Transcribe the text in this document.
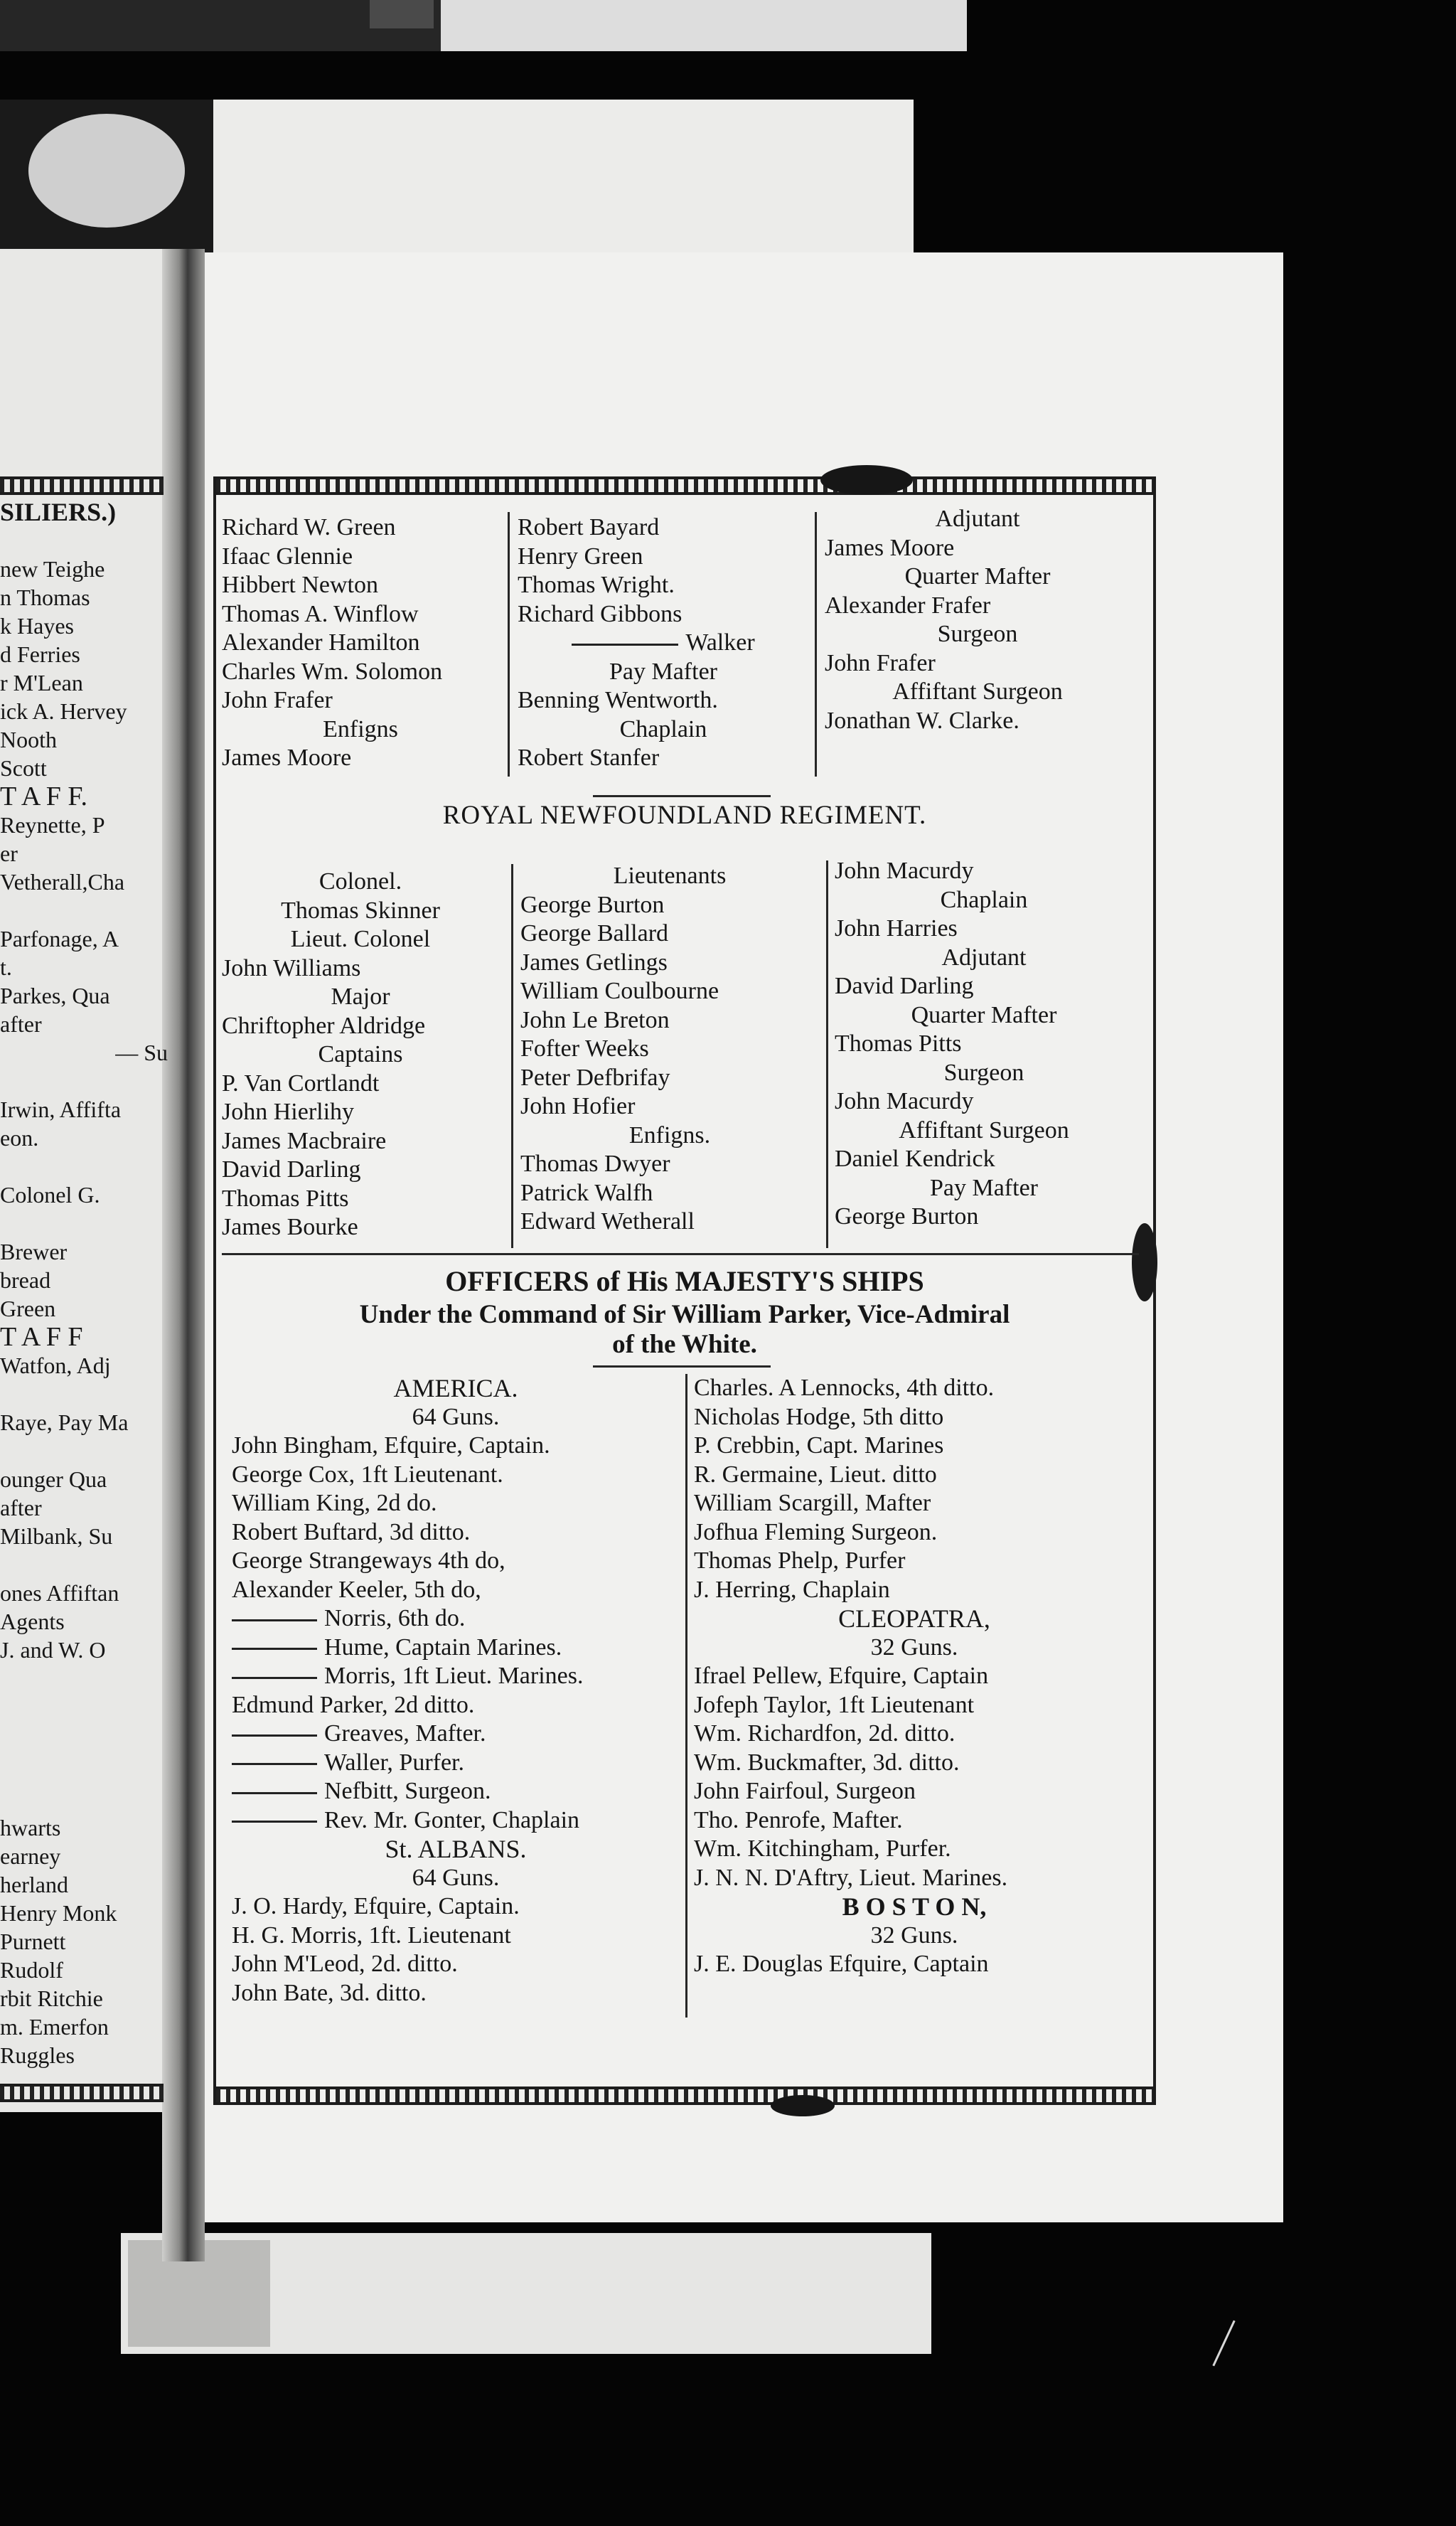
SILIERS.)
new Teighe
n Thomas
k Hayes
d Ferries
r M'Lean
ick A. Hervey
Nooth
Scott
T A F F.
Reynette, P
er
Vetherall,Cha
Parfonage, A
t.
Parkes, Qua
after
— Su
Irwin, Affifta
eon.
Colonel G.
Brewer
bread
Green
T A F F
Watfon, Adj
Raye, Pay Ma
ounger Qua
after
Milbank, Su
ones Affiftan
Agents
J. and W. O
hwarts
earney
herland
Henry Monk
Purnett
Rudolf
rbit Ritchie
m. Emerfon
Ruggles
Richard W. Green
Ifaac Glennie
Hibbert Newton
Thomas A. Winflow
Alexander Hamilton
Charles Wm. Solomon
John Frafer
Enfigns
James Moore
Robert Bayard
Henry Green
Thomas Wright.
Richard Gibbons
Walker
Pay Mafter
Benning Wentworth.
Chaplain
Robert Stanfer
Adjutant
James Moore
Quarter Mafter
Alexander Frafer
Surgeon
John Frafer
Affiftant Surgeon
Jonathan W. Clarke.
ROYAL NEWFOUNDLAND REGIMENT.
Colonel.
Thomas Skinner
Lieut. Colonel
John Williams
Major
Chriftopher Aldridge
Captains
P. Van Cortlandt
John Hierlihy
James Macbraire
David Darling
Thomas Pitts
James Bourke
Lieutenants
George Burton
George Ballard
James Getlings
William Coulbourne
John Le Breton
Fofter Weeks
Peter Defbrifay
John Hofier
Enfigns.
Thomas Dwyer
Patrick Walfh
Edward Wetherall
John Macurdy
Chaplain
John Harries
Adjutant
David Darling
Quarter Mafter
Thomas Pitts
Surgeon
John Macurdy
Affiftant Surgeon
Daniel Kendrick
Pay Mafter
George Burton
OFFICERS of His MAJESTY'S SHIPS
Under the Command of Sir William Parker, Vice-Admiral
of the White.
AMERICA.
64 Guns.
John Bingham, Efquire, Captain.
George Cox, 1ft Lieutenant.
William King, 2d do.
Robert Buftard, 3d ditto.
George Strangeways 4th do,
Alexander Keeler, 5th do,
Norris, 6th do.
Hume, Captain Marines.
Morris, 1ft Lieut. Marines.
Edmund Parker, 2d ditto.
Greaves, Mafter.
Waller, Purfer.
Nefbitt, Surgeon.
Rev. Mr. Gonter, Chaplain
St. ALBANS.
64 Guns.
J. O. Hardy, Efquire, Captain.
H. G. Morris, 1ft. Lieutenant
John M'Leod, 2d. ditto.
John Bate, 3d. ditto.
Charles. A Lennocks, 4th ditto.
Nicholas Hodge, 5th ditto
P. Crebbin, Capt. Marines
R. Germaine, Lieut. ditto
William Scargill, Mafter
Jofhua Fleming Surgeon.
Thomas Phelp, Purfer
J. Herring, Chaplain
CLEOPATRA,
32 Guns.
Ifrael Pellew, Efquire, Captain
Jofeph Taylor, 1ft Lieutenant
Wm. Richardfon, 2d. ditto.
Wm. Buckmafter, 3d. ditto.
John Fairfoul, Surgeon
Tho. Penrofe, Mafter.
Wm. Kitchingham, Purfer.
J. N. N. D'Aftry, Lieut. Marines.
B O S T O N,
32 Guns.
J. E. Douglas Efquire, Captain
